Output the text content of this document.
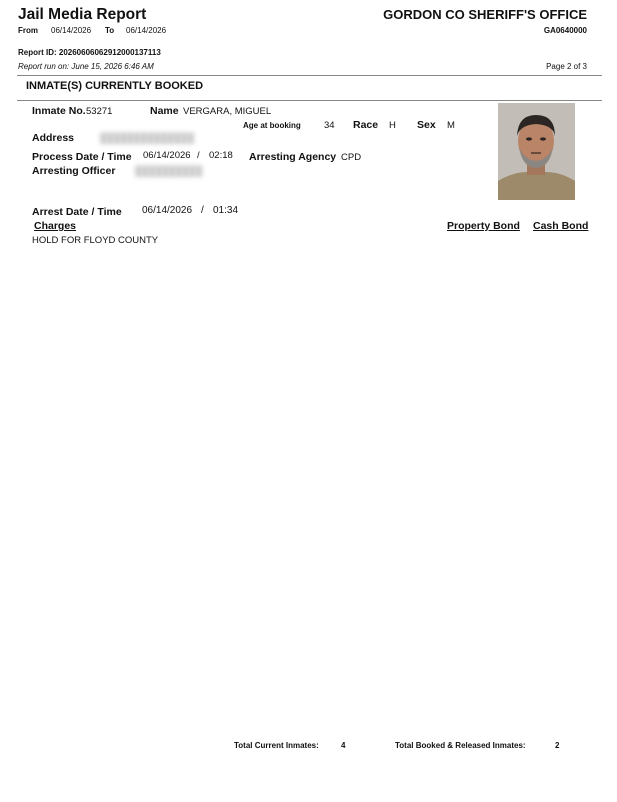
Jail Media Report	GORDON CO SHERIFF'S OFFICE
From 06/14/2026 To 06/14/2026	GA0640000
Report ID: 20260606062912000137113
Report run on: June 15, 2026 6:46 AM	Page 2 of 3
INMATE(S) CURRENTLY BOOKED
Inmate No. 53271	Name VERGARA, MIGUEL
Age at booking 34 Race H Sex M
Address	██████████████
Process Date / Time 06/14/2026 / 02:18 Arresting Agency CPD
Arresting Officer ██████████
Arrest Date / Time 06/14/2026 / 01:34
Charges	Property Bond Cash Bond
HOLD FOR FLOYD COUNTY
Total Current Inmates:	4	Total Booked & Released Inmates:	2
